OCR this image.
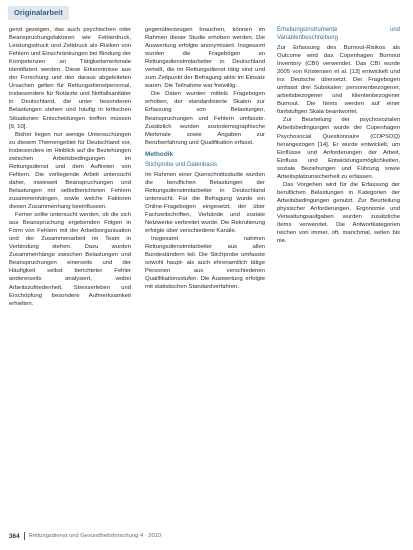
Originalarbeit

gend gezeigen, das auch psychischen oder Beanspruchungsfaktoren wie Fehlerdruck, Leistungsdruck und Zeitdruck als Risiken von Fehlern und Einschränkungen bei Bindung der Kompetenzen an Tätigkeitsmerkmale identifiziert werden. Diese Erkenntnisse aus der Forschung und den daraus abgeleiteten Ursachen gelten für Rettungsdienstpersonal, insbesondere für Notärzte und Notfallsanitäter in Deutschland, die unter besonderen Belastungen stehen und häufig in kritischen Situationen Entscheidungen treffen müssen [9, 10].

Bisher liegen nur wenige Untersuchungen zu diesem Themengebiet für Deutschland vor, insbesondere im Hinblick auf die Beziehungen zwischen Arbeitsbedingungen im Rettungsdienst und dem Auftreten von Fehlern. Die vorliegende Arbeit untersucht daher, inwieweit Beanspruchungen und Belastungen mit selbstberichteten Fehlern zusammenhängen, sowie welche Faktoren diesen Zusammenhang beeinflussen.

Ferner sollte untersucht werden, ob die sich aus Beanspruchung ergebenden Folgen in Form von Fehlern mit der Arbeitsorganisation und der Zusammenarbeit im Team in Verbindung stehen. Dazu wurden Zusammenhänge zwischen Belastungen und Beanspruchungen einerseits und der Häufigkeit selbst berichteter Fehler andererseits analysiert, wobei Arbeitszufriedenheit, Stresserleben und Erschöpfung besondere Aufmerksamkeit erhielten.

gegenüberzeugen brauchen, können im Rahmen dieser Studie erhoben werden. Die Auswertung erfolgte anonymisiert. Insgesamt wurden die Fragebögen an Rettungsdienstmitarbeiter in Deutschland verteilt, die im Rettungsdienst tätig sind und zum Zeitpunkt der Befragung aktiv im Einsatz waren. Die Teilnahme war freiwillig.

Die Daten wurden mittels Fragebogen erhoben, der standardisierte Skalen zur Erfassung von Belastungen, Beanspruchungen und Fehlern umfasste. Zusätzlich wurden soziodemographische Merkmale sowie Angaben zur Berufserfahrung und Qualifikation erfasst.

Methodik
Stichprobe und Datenbasis

Im Rahmen einer Querschnittsstudie wurden die beruflichen Belastungen der Rettungsdienstmitarbeiter in Deutschland untersucht. Für die Befragung wurde ein Online-Fragebogen eingesetzt, der über Fachzeitschriften, Verbände und soziale Netzwerke verbreitet wurde. Die Rekrutierung erfolgte über verschiedene Kanäle.

Insgesamt nahmen Rettungsdienstmitarbeiter aus allen Bundesländern teil. Die Stichprobe umfasste sowohl haupt- als auch ehrenamtlich tätige Personen aus verschiedenen Qualifikationsstufen. Die Auswertung erfolgte mit statistischen Standardverfahren.

Erhebungsinstrumente und Variablenbeschreibung

Zur Erfassung des Burnout-Risikos als Outcome wird das Copenhagen Burnout Inventory (CBI) verwendet. Das CBI wurde 2005 von Kristensen et al. [13] entwickelt und ins Deutsche übersetzt. Der Fragebogen umfasst drei Subskalen: personenbezogener, arbeitsbezogener und klientenbezogener Burnout. Die Items werden auf einer fünfstufigen Skala beantwortet.

Zur Beurteilung der psychosozialen Arbeitsbedingungen wurde der Copenhagen Psychosocial Questionnaire (COPSOQ) herangezogen [14]. Er wurde entwickelt, um Einflüsse und Anforderungen der Arbeit, Einfluss und Entwicklungsmöglichkeiten, soziale Beziehungen und Führung sowie Arbeitsplatzunsicherheit zu erfassen.

Das Vorgehen wird für die Erfassung der beruflichen Belastungen in Kategorien der Arbeitsbedingungen genutzt. Zur Beurteilung physischer Anforderungen, Ergonomie und Verwaltungsaufgaben wurden zusätzliche Items verwendet. Die Antwortkategorien reichen von immer, oft, manchmal, selten bis nie.

364 Rettungsdienst und Gesundheitsforschung 4 · 2010
